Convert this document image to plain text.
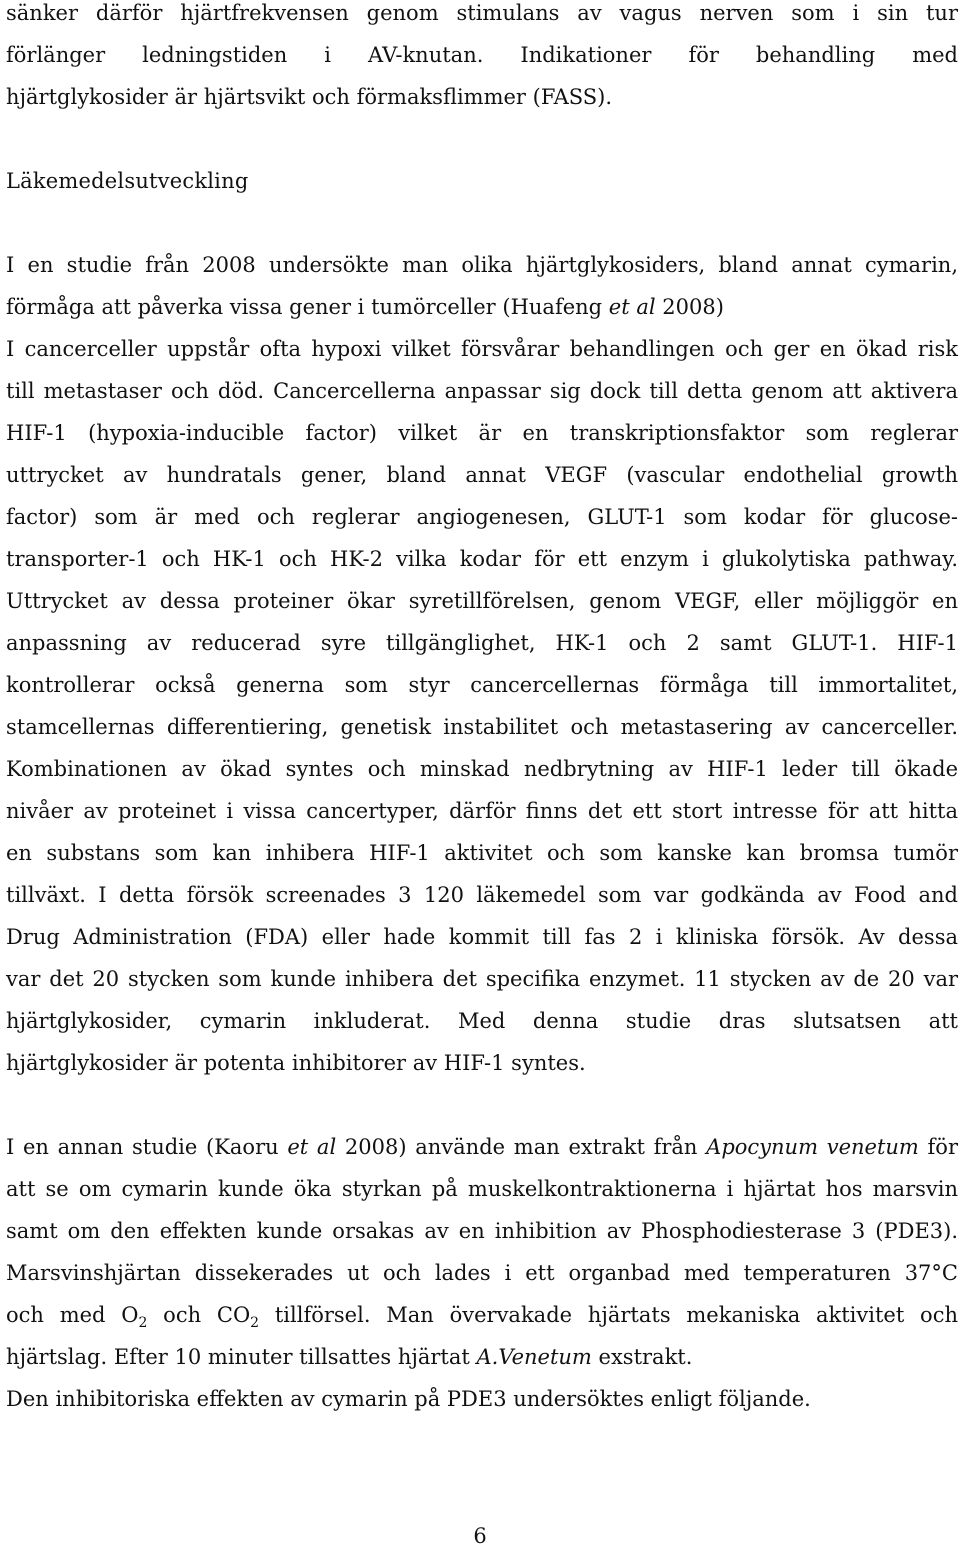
sänker därför hjärtfrekvensen genom stimulans av vagus nerven som i sin tur
förlänger ledningstiden i AV-knutan. Indikationer för behandling med
hjärtglykosider är hjärtsvikt och förmaksflimmer (FASS).
Läkemedelsutveckling
I en studie från 2008 undersökte man olika hjärtglykosiders, bland annat cymarin,
förmåga att påverka vissa gener i tumörceller (Huafeng et al 2008)
I cancerceller uppstår ofta hypoxi vilket försvårar behandlingen och ger en ökad risk
till metastaser och död. Cancercellerna anpassar sig dock till detta genom att aktivera
HIF-1 (hypoxia-inducible factor) vilket är en transkriptionsfaktor som reglerar
uttrycket av hundratals gener, bland annat VEGF (vascular endothelial growth
factor) som är med och reglerar angiogenesen, GLUT-1 som kodar för glucose-
transporter-1 och HK-1 och HK-2 vilka kodar för ett enzym i glukolytiska pathway.
Uttrycket av dessa proteiner ökar syretillförelsen, genom VEGF, eller möjliggör en
anpassning av reducerad syre tillgänglighet, HK-1 och 2 samt GLUT-1. HIF-1
kontrollerar också generna som styr cancercellernas förmåga till immortalitet,
stamcellernas differentiering, genetisk instabilitet och metastasering av cancerceller.
Kombinationen av ökad syntes och minskad nedbrytning av HIF-1 leder till ökade
nivåer av proteinet i vissa cancertyper, därför finns det ett stort intresse för att hitta
en substans som kan inhibera HIF-1 aktivitet och som kanske kan bromsa tumör
tillväxt. I detta försök screenades 3 120 läkemedel som var godkända av Food and
Drug Administration (FDA) eller hade kommit till fas 2 i kliniska försök. Av dessa
var det 20 stycken som kunde inhibera det specifika enzymet. 11 stycken av de 20 var
hjärtglykosider, cymarin inkluderat. Med denna studie dras slutsatsen att
hjärtglykosider är potenta inhibitorer av HIF-1 syntes.
I en annan studie (Kaoru et al 2008) använde man extrakt från Apocynum venetum för
att se om cymarin kunde öka styrkan på muskelkontraktionerna i hjärtat hos marsvin
samt om den effekten kunde orsakas av en inhibition av Phosphodiesterase 3 (PDE3).
Marsvinshjärtan dissekerades ut och lades i ett organbad med temperaturen 37°C
och med $O_2$ och $CO_2$ tillförsel. Man övervakade hjärtats mekaniska aktivitet och
hjärtslag. Efter 10 minuter tillsattes hjärtat A.Venetum exstrakt.
Den inhibitoriska effekten av cymarin på PDE3 undersöktes enligt följande.
6
